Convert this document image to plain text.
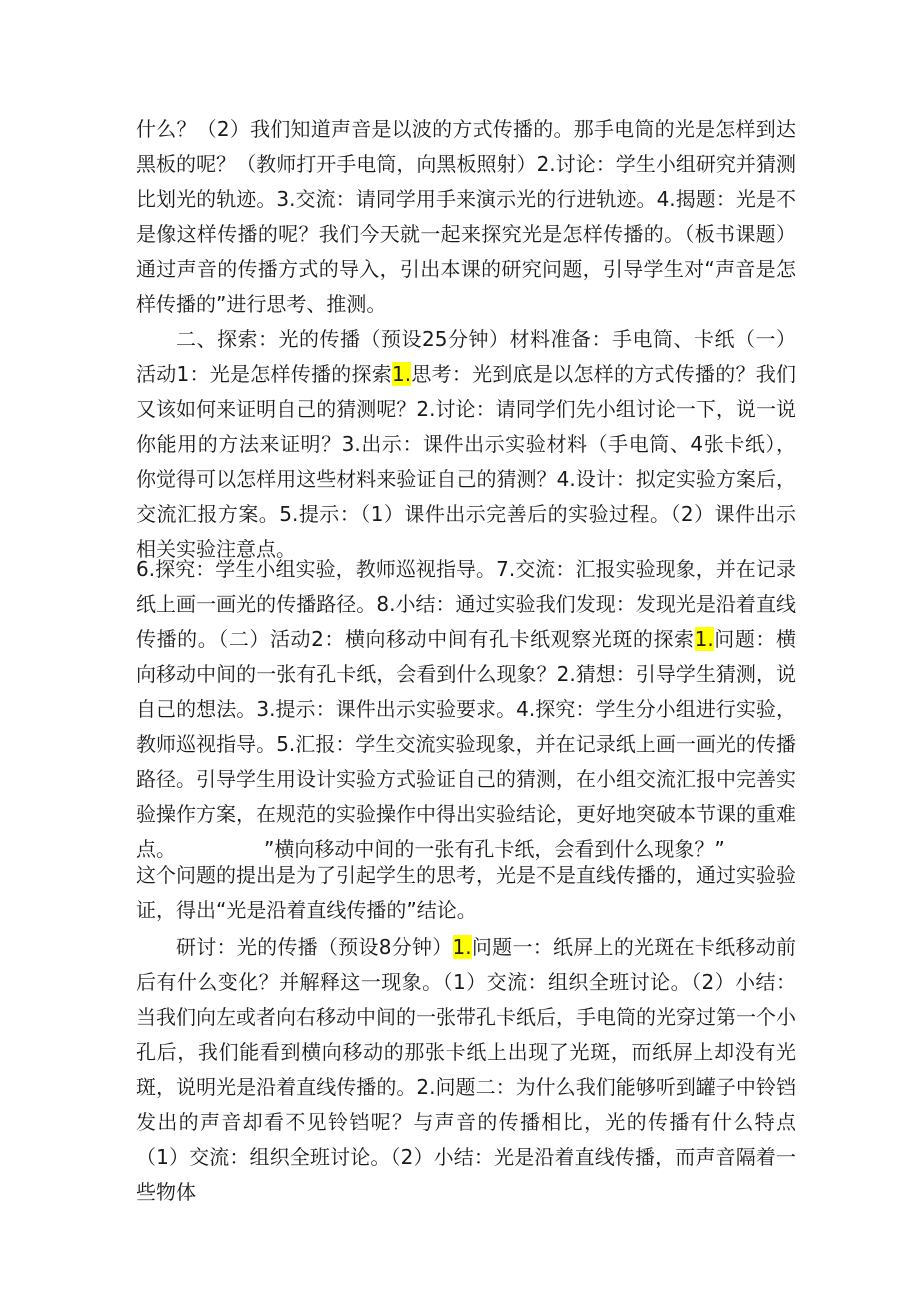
什么？（2）我们知道声音是以波的方式传播的。那手电筒的光是怎样到达黑板的呢？（教师打开手电筒，向黑板照射）2.讨论：学生小组研究并猜测比划光的轨迹。3.交流：请同学用手来演示光的行进轨迹。4.揭题：光是不是像这样传播的呢？我们今天就一起来探究光是怎样传播的。（板书课题）通过声音的传播方式的导入，引出本课的研究问题，引导学生对“声音是怎样传播的”进行思考、推测。

二、探索：光的传播（预设25分钟）材料准备：手电筒、卡纸（一）活动1：光是怎样传播的探索1.思考：光到底是以怎样的方式传播的？我们又该如何来证明自己的猜测呢？2.讨论：请同学们先小组讨论一下，说一说你能用的方法来证明？3.出示：课件出示实验材料（手电筒、4张卡纸），你觉得可以怎样用这些材料来验证自己的猜测？4.设计：拟定实验方案后，交流汇报方案。5.提示：（1）课件出示完善后的实验过程。（2）课件出示相关实验注意点。

6.探究：学生小组实验，教师巡视指导。7.交流：汇报实验现象，并在记录纸上画一画光的传播路径。8.小结：通过实验我们发现：发现光是沿着直线传播的。（二）活动2：横向移动中间有孔卡纸观察光斑的探索1.问题：横向移动中间的一张有孔卡纸，会看到什么现象？2.猜想：引导学生猜测，说自己的想法。3.提示：课件出示实验要求。4.探究：学生分小组进行实验，教师巡视指导。5.汇报：学生交流实验现象，并在记录纸上画一画光的传播路径。引导学生用设计实验方式验证自己的猜测，在小组交流汇报中完善实验操作方案，在规范的实验操作中得出实验结论，更好地突破本节课的重难点。	”横向移动中间的一张有孔卡纸，会看到什么现象？”

这个问题的提出是为了引起学生的思考，光是不是直线传播的，通过实验验证，得出“光是沿着直线传播的”结论。

研讨：光的传播（预设8分钟）1.问题一：纸屏上的光斑在卡纸移动前后有什么变化？并解释这一现象。（1）交流：组织全班讨论。（2）小结：当我们向左或者向右移动中间的一张带孔卡纸后，手电筒的光穿过第一个小孔后，我们能看到横向移动的那张卡纸上出现了光斑，而纸屏上却没有光斑，说明光是沿着直线传播的。2.问题二：为什么我们能够听到罐子中铃铛发出的声音却看不见铃铛呢？与声音的传播相比，光的传播有什么特点（1）交流：组织全班讨论。（2）小结：光是沿着直线传播，而声音隔着一些物体
